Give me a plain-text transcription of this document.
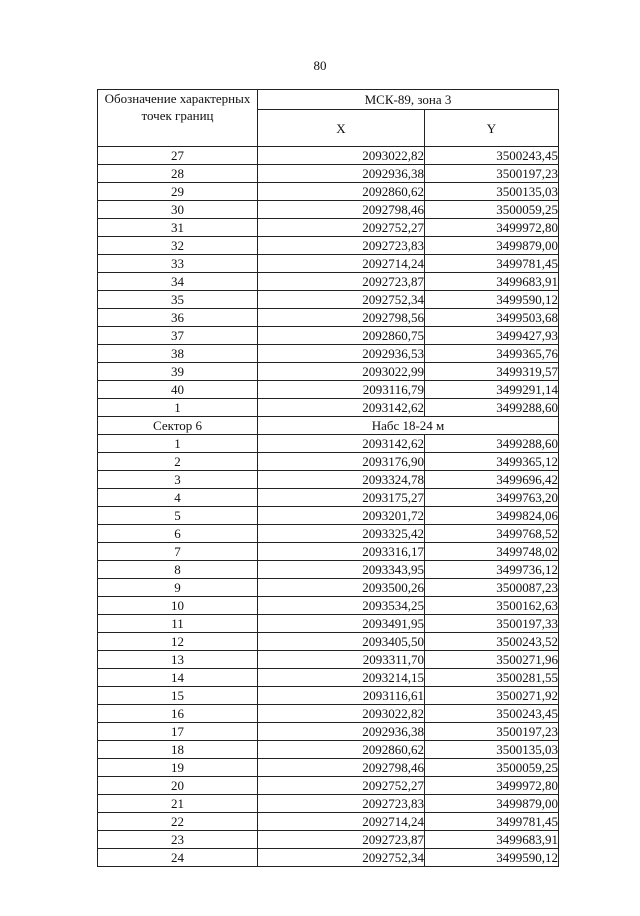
80
Обозначение характерных точек границ	МСК-89, зона 3	
	X	Y
27	2093022,82	3500243,45
28	2092936,38	3500197,23
29	2092860,62	3500135,03
30	2092798,46	3500059,25
31	2092752,27	3499972,80
32	2092723,83	3499879,00
33	2092714,24	3499781,45
34	2092723,87	3499683,91
35	2092752,34	3499590,12
36	2092798,56	3499503,68
37	2092860,75	3499427,93
38	2092936,53	3499365,76
39	2093022,99	3499319,57
40	2093116,79	3499291,14
1	2093142,62	3499288,60
Сектор 6	Набс 18-24 м	
1	2093142,62	3499288,60
2	2093176,90	3499365,12
3	2093324,78	3499696,42
4	2093175,27	3499763,20
5	2093201,72	3499824,06
6	2093325,42	3499768,52
7	2093316,17	3499748,02
8	2093343,95	3499736,12
9	2093500,26	3500087,23
10	2093534,25	3500162,63
11	2093491,95	3500197,33
12	2093405,50	3500243,52
13	2093311,70	3500271,96
14	2093214,15	3500281,55
15	2093116,61	3500271,92
16	2093022,82	3500243,45
17	2092936,38	3500197,23
18	2092860,62	3500135,03
19	2092798,46	3500059,25
20	2092752,27	3499972,80
21	2092723,83	3499879,00
22	2092714,24	3499781,45
23	2092723,87	3499683,91
24	2092752,34	3499590,12
